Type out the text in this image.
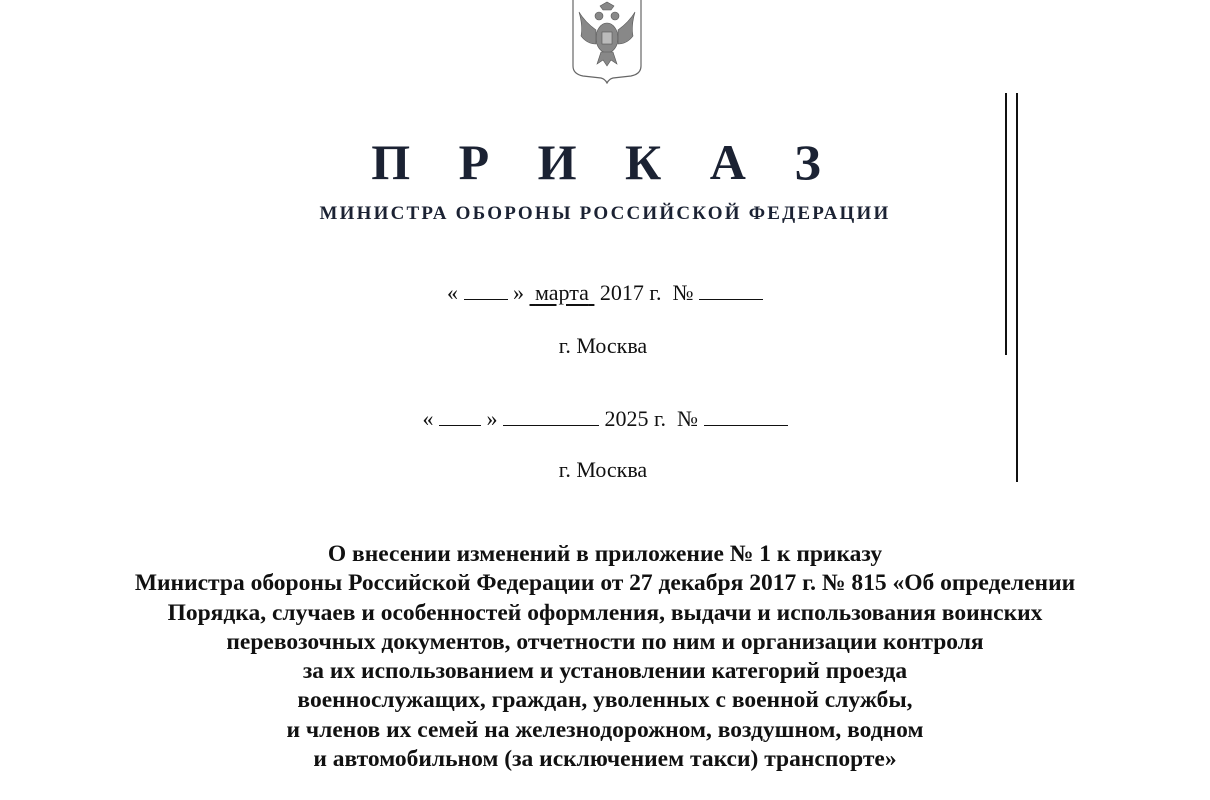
П Р И К А З
МИНИСТРА ОБОРОНЫ РОССИЙСКОЙ ФЕДЕРАЦИИ
«	» марта 2017 г. №
г. Москва
« »	2025 г. №
г. Москва
О внесении изменений в приложение № 1 к приказу
Министра обороны Российской Федерации от 27 декабря 2017 г. № 815 «Об определении
Порядка, случаев и особенностей оформления, выдачи и использования воинских
перевозочных документов, отчетности по ним и организации контроля
за их использованием и установлении категорий проезда
военнослужащих, граждан, уволенных с военной службы,
и членов их семей на железнодорожном, воздушном, водном
и автомобильном (за исключением такси) транспорте»
